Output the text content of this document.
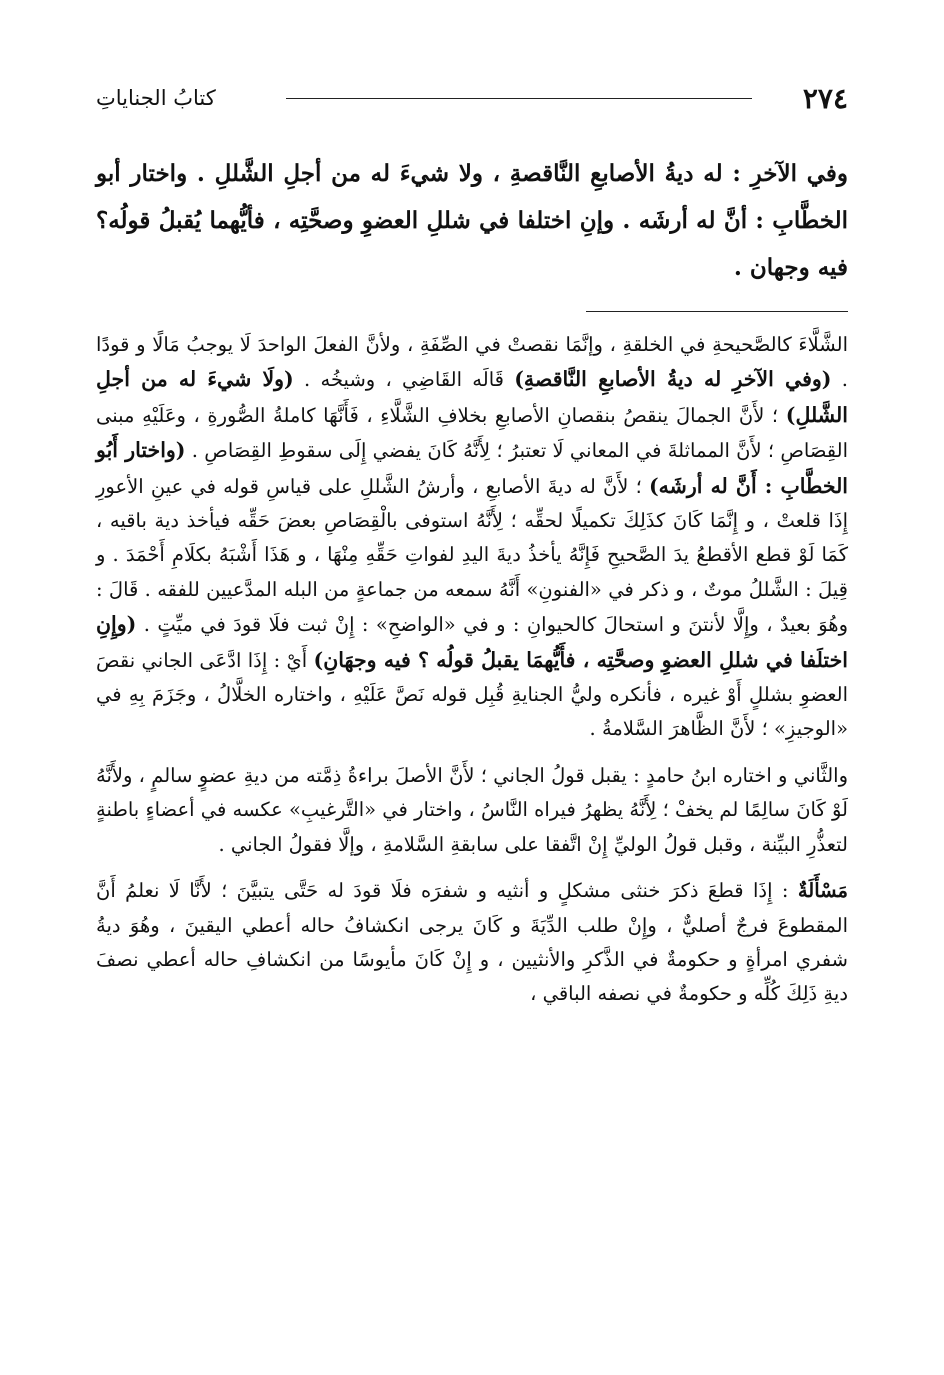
٢٧٤
كتابُ الجناياتِ

وفي الآخرِ : له ديةُ الأصابعِ النَّاقصةِ ، ولا شيءَ له من أجلِ الشَّللِ . واختار أبو الخطَّابِ : أنَّ له أرشَه . وإنِ اختلفا في شللِ العضوِ وصحَّتِه ، فأيُّهما يُقبلُ قولُه؟ فيه وجهان .

الشَّلَّاءَ كالصَّحيحةِ في الخلقةِ ، وإنَّمَا نقصتْ في الصِّفَةِ ، ولأنَّ الفعلَ الواحدَ لَا يوجبُ مَالًا و قودًا . (وفي الآخرِ له ديةُ الأصابعِ النَّاقصةِ) قَالَه القَاضِي ، وشيخُه . (ولَا شيءَ له من أجلِ الشَّللِ) ؛ لأَنَّ الجمالَ ينقصُ بنقصانِ الأصابعِ بخلافِ الشَّلَّاءِ ، فَأَنَّهَا كاملةُ الصُّورةِ ، وعَلَيْهِ مبنى القِصَاصِ ؛ لأَنَّ المماثلةَ في المعاني لَا تعتبرُ ؛ لِأَنَّهُ كَانَ يفضي إِلَى سقوطِ القِصَاصِ . (واختار أَبُو الخطَّابِ : أَنَّ له أرشَه) ؛ لأَنَّ له ديةَ الأصابعِ ، وأرشُ الشَّللِ على قياسِ قوله في عينِ الأعورِ إِذَا قلعتْ ، و إِنَّمَا كَانَ كذَلِكَ تكميلًا لحقِّه ؛ لِأَنَّهُ استوفى بالْقِصَاصِ بعضَ حَقِّه فيأخذ دية باقيه ، كَمَا لَوْ قطع الأقطعُ يدَ الصَّحيحِ فَإِنَّهُ يأخذُ ديةَ اليدِ لفواتِ حَقِّهِ مِنْهَا ، و هَذَا أَشْبَهُ بكلَامِ أَحْمَدَ . و قِيلَ : الشَّللُ موتٌ ، و ذكر في «الفنونِ» أَنَّهُ سمعه من جماعةٍ من البله المدَّعيين للفقه . قَالَ : وهُوَ بعيدٌ ، وإِلَّا لأنتنَ و استحالَ كالحيوانِ : و في «الواضحِ» : إِنْ ثبت فلَا قودَ في ميِّتٍ . (وإِنِ اختلَفا في شللِ العضوِ وصحَّتِه ، فأَيُّهمَا يقبلُ قولُه ؟ فيه وجهَانِ) أَيْ : إِذَا ادَّعَى الجاني نقصَ العضوِ بشللٍ أَوْ غيره ، فأنكره وليُّ الجنايةِ قُبِل قوله نَصَّ عَلَيْهِ ، واختاره الخلَّالُ ، وجَزَمَ بِهِ في «الوجيزِ» ؛ لأَنَّ الظَّاهرَ السَّلامةُ .

والثَّاني و اختاره ابنُ حامدٍ : يقبل قولُ الجاني ؛ لأَنَّ الأصلَ براءةُ ذِمَّته من ديةِ عضوٍ سالمٍ ، ولأَنَّهُ لَوْ كَانَ سالِمًا لم يخفْ ؛ لِأَنَّهُ يظهرُ فيراه النَّاسُ ، واختار في «التَّرغيبِ» عكسه في أعضاءٍ باطنةٍ لتعذُّرِ البيِّنة ، وقبل قولُ الوليِّ إِنْ اتَّفقا على سابقةِ السَّلامةِ ، وإلَّا فقولُ الجاني .

مَسْأَلَةٌ : إِذَا قطعَ ذكرَ خنثى مشكلٍ و أنثيه و شفرَه فلَا قودَ له حَتَّى يتبيَّنَ ؛ لأَنَّا لَا نعلمُ أَنَّ المقطوعَ فرجٌ أصليٌّ ، وإِنْ طلب الدِّيَةَ و كَانَ يرجى انكشافُ حاله أعطي اليقينَ ، وهُوَ ديةُ شفري امرأةٍ و حكومةٌ في الذَّكرِ والأنثيين ، و إِنْ كَانَ مأيوسًا من انكشافِ حاله أعطي نصفَ ديةِ ذَلِكَ كُلِّه و حكومةٌ في نصفه الباقي ،
